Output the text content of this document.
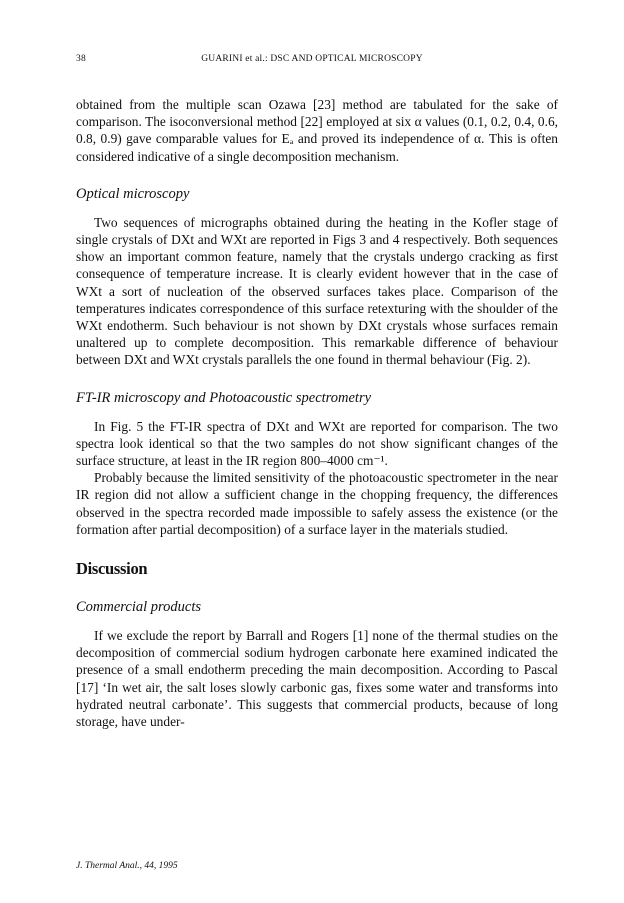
38	GUARINI et al.: DSC AND OPTICAL MICROSCOPY

obtained from the multiple scan Ozawa [23] method are tabulated for the sake of comparison. The isoconversional method [22] employed at six α values (0.1, 0.2, 0.4, 0.6, 0.8, 0.9) gave comparable values for Eₐ and proved its independence of α. This is often considered indicative of a single decomposition mechanism.

Optical microscopy

Two sequences of micrographs obtained during the heating in the Kofler stage of single crystals of DXt and WXt are reported in Figs 3 and 4 respectively. Both sequences show an important common feature, namely that the crystals undergo cracking as first consequence of temperature increase. It is clearly evident however that in the case of WXt a sort of nucleation of the observed surfaces takes place. Comparison of the temperatures indicates correspondence of this surface retexturing with the shoulder of the WXt endotherm. Such behaviour is not shown by DXt crystals whose surfaces remain unaltered up to complete decomposition. This remarkable difference of behaviour between DXt and WXt crystals parallels the one found in thermal behaviour (Fig. 2).

FT-IR microscopy and Photoacoustic spectrometry

In Fig. 5 the FT-IR spectra of DXt and WXt are reported for comparison. The two spectra look identical so that the two samples do not show significant changes of the surface structure, at least in the IR region 800–4000 cm⁻¹.

Probably because the limited sensitivity of the photoacoustic spectrometer in the near IR region did not allow a sufficient change in the chopping frequency, the differences observed in the spectra recorded made impossible to safely assess the existence (or the formation after partial decomposition) of a surface layer in the materials studied.

Discussion
Commercial products

If we exclude the report by Barrall and Rogers [1] none of the thermal studies on the decomposition of commercial sodium hydrogen carbonate here examined indicated the presence of a small endotherm preceding the main decomposition. According to Pascal [17] ‘In wet air, the salt loses slowly carbonic gas, fixes some water and transforms into hydrated neutral carbonate’. This suggests that commercial products, because of long storage, have under-

J. Thermal Anal., 44, 1995
